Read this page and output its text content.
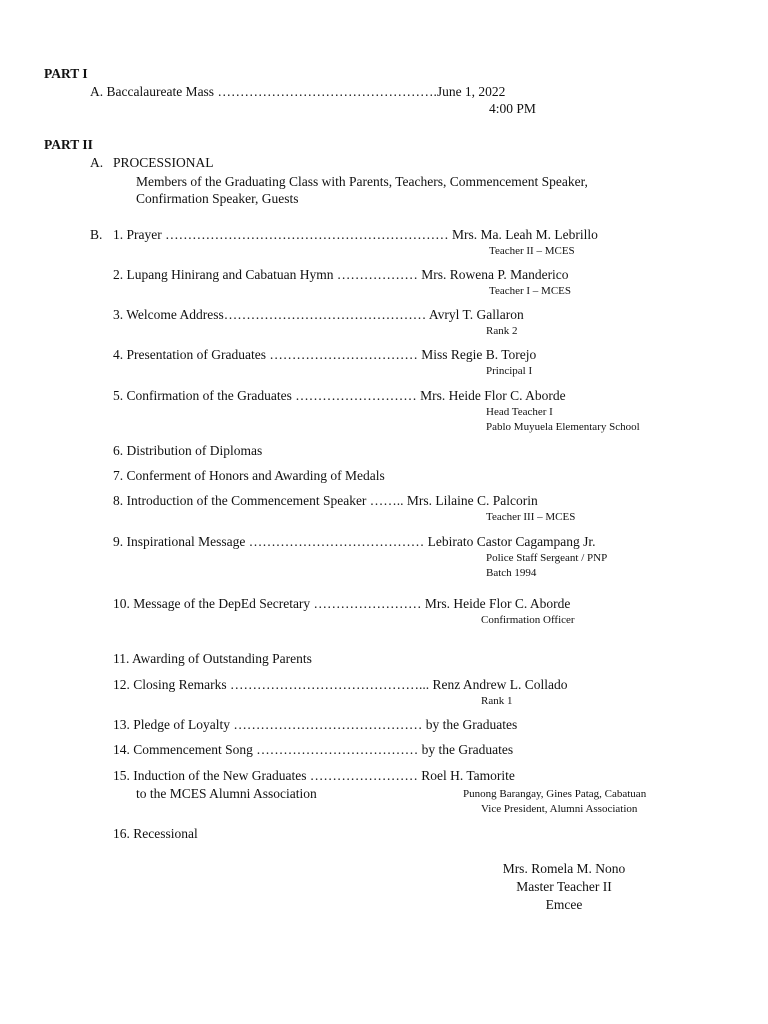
PART I
A. Baccalaureate Mass ………………………………………….June 1, 2022
4:00 PM
PART II
A. PROCESSIONAL
Members of the Graduating Class with Parents, Teachers, Commencement Speaker,
Confirmation Speaker, Guests
B. 1. Prayer ……………………………………………………… Mrs. Ma. Leah M. Lebrillo
Teacher II – MCES
2. Lupang Hinirang and Cabatuan Hymn ……………… Mrs. Rowena P. Manderico
Teacher I – MCES
3. Welcome Address……………………………………… Avryl T. Gallaron
Rank 2
4. Presentation of Graduates …………………………… Miss Regie B. Torejo
Principal I
5. Confirmation of the Graduates ……………………… Mrs. Heide Flor C. Aborde
Head Teacher I
Pablo Muyuela Elementary School
6. Distribution of Diplomas
7. Conferment of Honors and Awarding of Medals
8. Introduction of the Commencement Speaker …….. Mrs. Lilaine C. Palcorin
Teacher III – MCES
9. Inspirational Message ………………………………… Lebirato Castor Cagampang Jr.
Police Staff Sergeant / PNP
Batch 1994
10. Message of the DepEd Secretary …………………… Mrs. Heide Flor C. Aborde
Confirmation Officer
11. Awarding of Outstanding Parents
12. Closing Remarks ……………………………………... Renz Andrew L. Collado
Rank 1
13. Pledge of Loyalty …………………………………… by the Graduates
14. Commencement Song ……………………………… by the Graduates
15. Induction of the New Graduates …………………… Roel H. Tamorite
to the MCES Alumni Association	Punong Barangay, Gines Patag, Cabatuan
Vice President, Alumni Association
16. Recessional
Mrs. Romela M. Nono
Master Teacher II
Emcee
